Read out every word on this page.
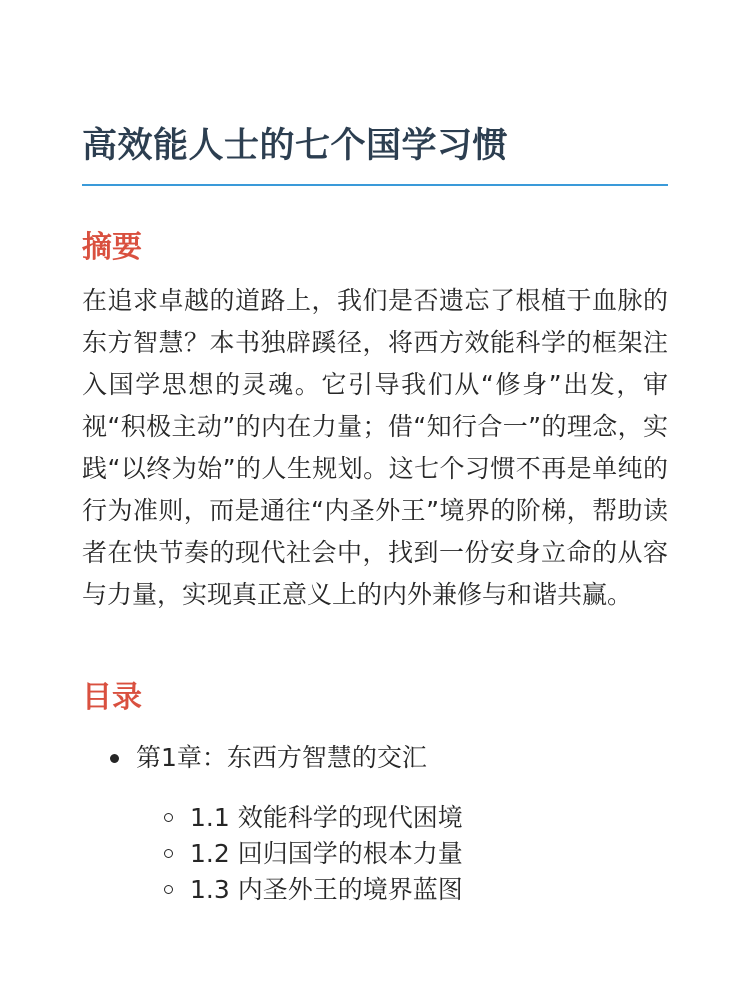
高效能人士的七个国学习惯
摘要

在追求卓越的道路上，我们是否遗忘了根植于血脉的东方智慧？本书独辟蹊径，将西方效能科学的框架注入国学思想的灵魂。它引导我们从“修身”出发，审视“积极主动”的内在力量；借“知行合一”的理念，实践“以终为始”的人生规划。这七个习惯不再是单纯的行为准则，而是通往“内圣外王”境界的阶梯，帮助读者在快节奏的现代社会中，找到一份安身立命的从容与力量，实现真正意义上的内外兼修与和谐共赢。

目录
第1章：东西方智慧的交汇
1.1 效能科学的现代困境
1.2 回归国学的根本力量
1.3 内圣外王的境界蓝图
